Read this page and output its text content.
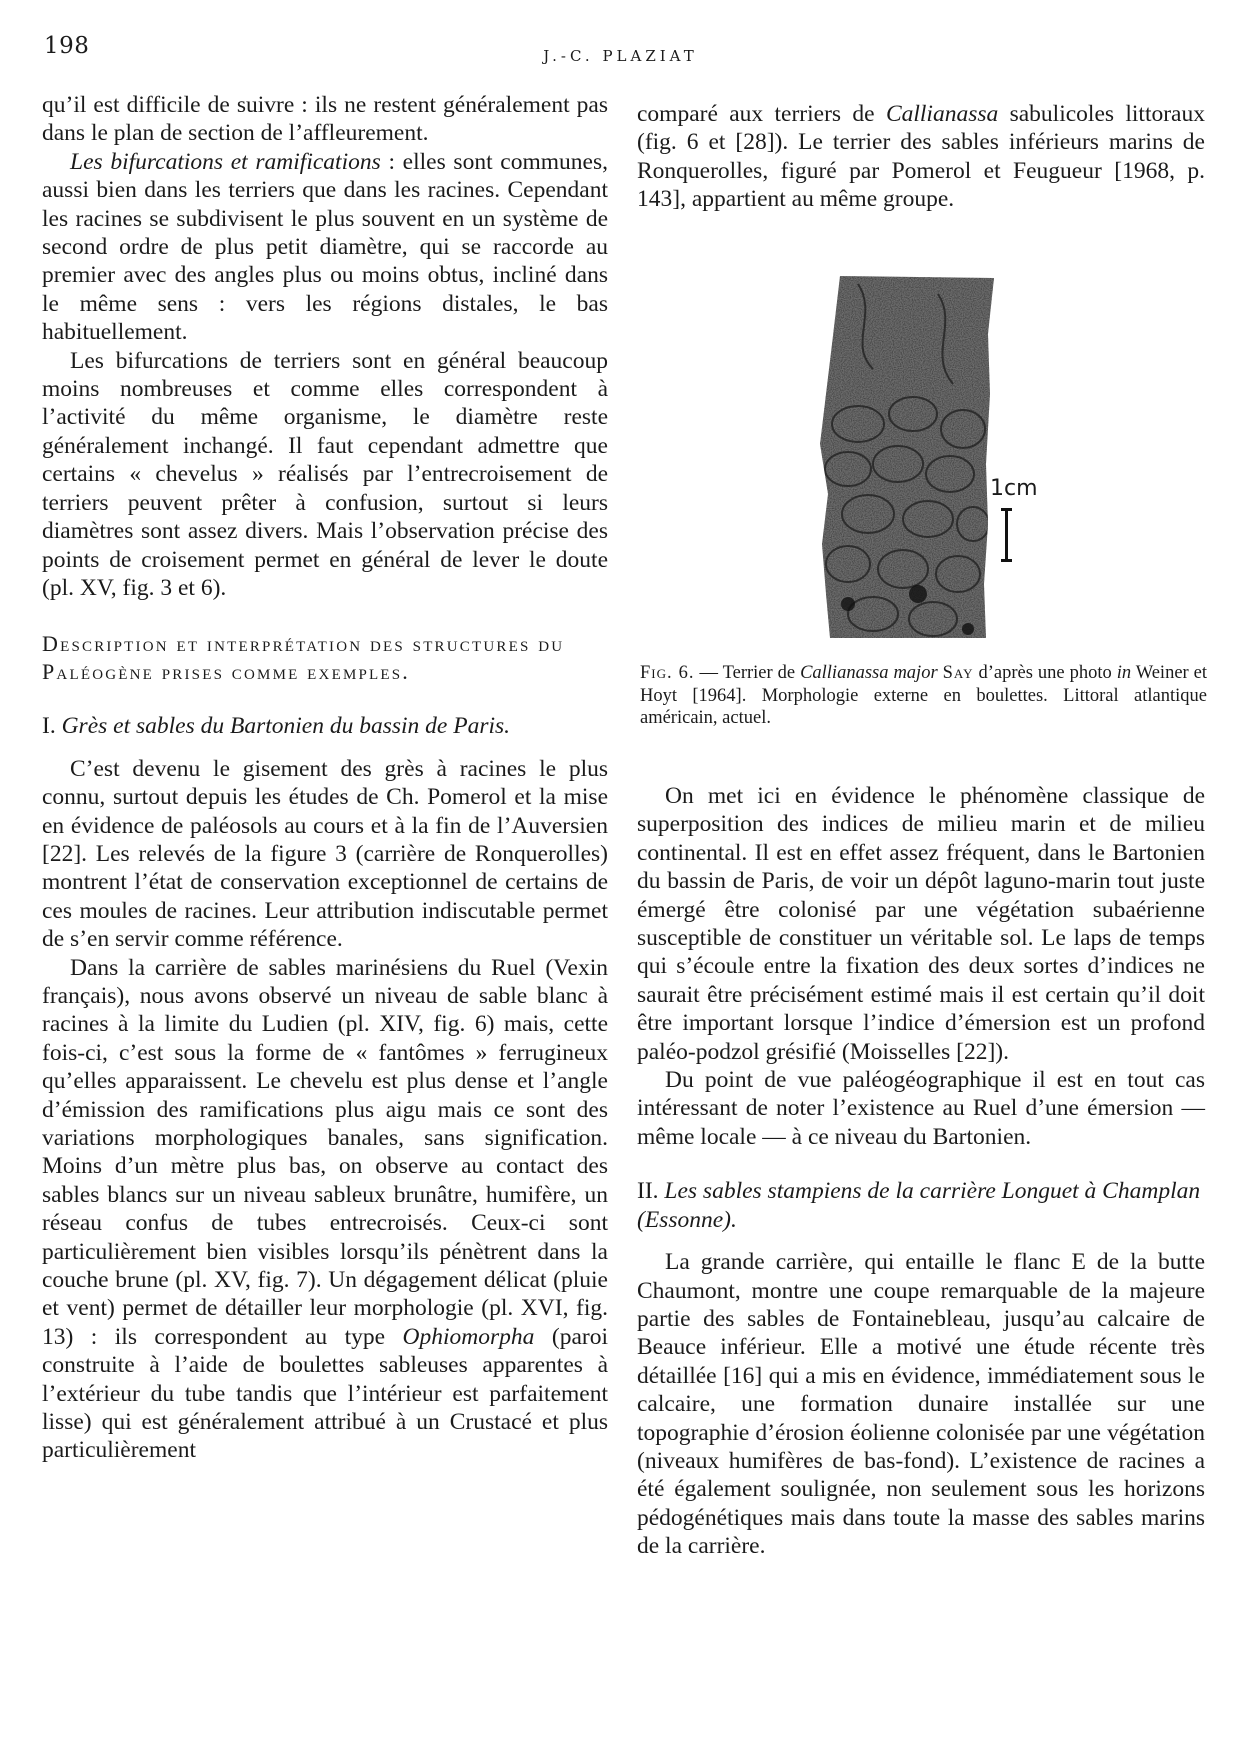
198	J.-C. PLAZIAT

qu’il est difficile de suivre : ils ne restent généralement pas dans le plan de section de l’affleurement.

Les bifurcations et ramifications : elles sont communes, aussi bien dans les terriers que dans les racines. Cependant les racines se subdivisent le plus souvent en un système de second ordre de plus petit diamètre, qui se raccorde au premier avec des angles plus ou moins obtus, incliné dans le même sens : vers les régions distales, le bas habituellement.

Les bifurcations de terriers sont en général beaucoup moins nombreuses et comme elles correspondent à l’activité du même organisme, le diamètre reste généralement inchangé. Il faut cependant admettre que certains « chevelus » réalisés par l’entrecroisement de terriers peuvent prêter à confusion, surtout si leurs diamètres sont assez divers. Mais l’observation précise des points de croisement permet en général de lever le doute (pl. XV, fig. 3 et 6).

Description et interprétation des structures du Paléogène prises comme exemples.

I. Grès et sables du Bartonien du bassin de Paris.

C’est devenu le gisement des grès à racines le plus connu, surtout depuis les études de Ch. Pomerol et la mise en évidence de paléosols au cours et à la fin de l’Auversien [22]. Les relevés de la figure 3 (carrière de Ronquerolles) montrent l’état de conservation exceptionnel de certains de ces moules de racines. Leur attribution indiscutable permet de s’en servir comme référence.

Dans la carrière de sables marinésiens du Ruel (Vexin français), nous avons observé un niveau de sable blanc à racines à la limite du Ludien (pl. XIV, fig. 6) mais, cette fois-ci, c’est sous la forme de « fantômes » ferrugineux qu’elles apparaissent. Le chevelu est plus dense et l’angle d’émission des ramifications plus aigu mais ce sont des variations morphologiques banales, sans signification. Moins d’un mètre plus bas, on observe au contact des sables blancs sur un niveau sableux brunâtre, humifère, un réseau confus de tubes entrecroisés. Ceux-ci sont particulièrement bien visibles lorsqu’ils pénètrent dans la couche brune (pl. XV, fig. 7). Un dégagement délicat (pluie et vent) permet de détailler leur morphologie (pl. XVI, fig. 13) : ils correspondent au type Ophiomorpha (paroi construite à l’aide de boulettes sableuses apparentes à l’extérieur du tube tandis que l’intérieur est parfaitement lisse) qui est généralement attribué à un Crustacé et plus particulièrement

comparé aux terriers de Callianassa sabulicoles littoraux (fig. 6 et [28]). Le terrier des sables inférieurs marins de Ronquerolles, figuré par Pomerol et Feugueur [1968, p. 143], appartient au même groupe.

1cm
Fig. 6. — Terrier de Callianassa major Say d’après une photo in Weiner et Hoyt [1964]. Morphologie externe en boulettes. Littoral atlantique américain, actuel.

On met ici en évidence le phénomène classique de superposition des indices de milieu marin et de milieu continental. Il est en effet assez fréquent, dans le Bartonien du bassin de Paris, de voir un dépôt laguno-marin tout juste émergé être colonisé par une végétation subaérienne susceptible de constituer un véritable sol. Le laps de temps qui s’écoule entre la fixation des deux sortes d’indices ne saurait être précisément estimé mais il est certain qu’il doit être important lorsque l’indice d’émersion est un profond paléo-podzol grésifié (Moisselles [22]).

Du point de vue paléogéographique il est en tout cas intéressant de noter l’existence au Ruel d’une émersion — même locale — à ce niveau du Bartonien.

II. Les sables stampiens de la carrière Longuet à Champlan (Essonne).

La grande carrière, qui entaille le flanc E de la butte Chaumont, montre une coupe remarquable de la majeure partie des sables de Fontainebleau, jusqu’au calcaire de Beauce inférieur. Elle a motivé une étude récente très détaillée [16] qui a mis en évidence, immédiatement sous le calcaire, une formation dunaire installée sur une topographie d’érosion éolienne colonisée par une végétation (niveaux humifères de bas-fond). L’existence de racines a été également soulignée, non seulement sous les horizons pédogénétiques mais dans toute la masse des sables marins de la carrière.
